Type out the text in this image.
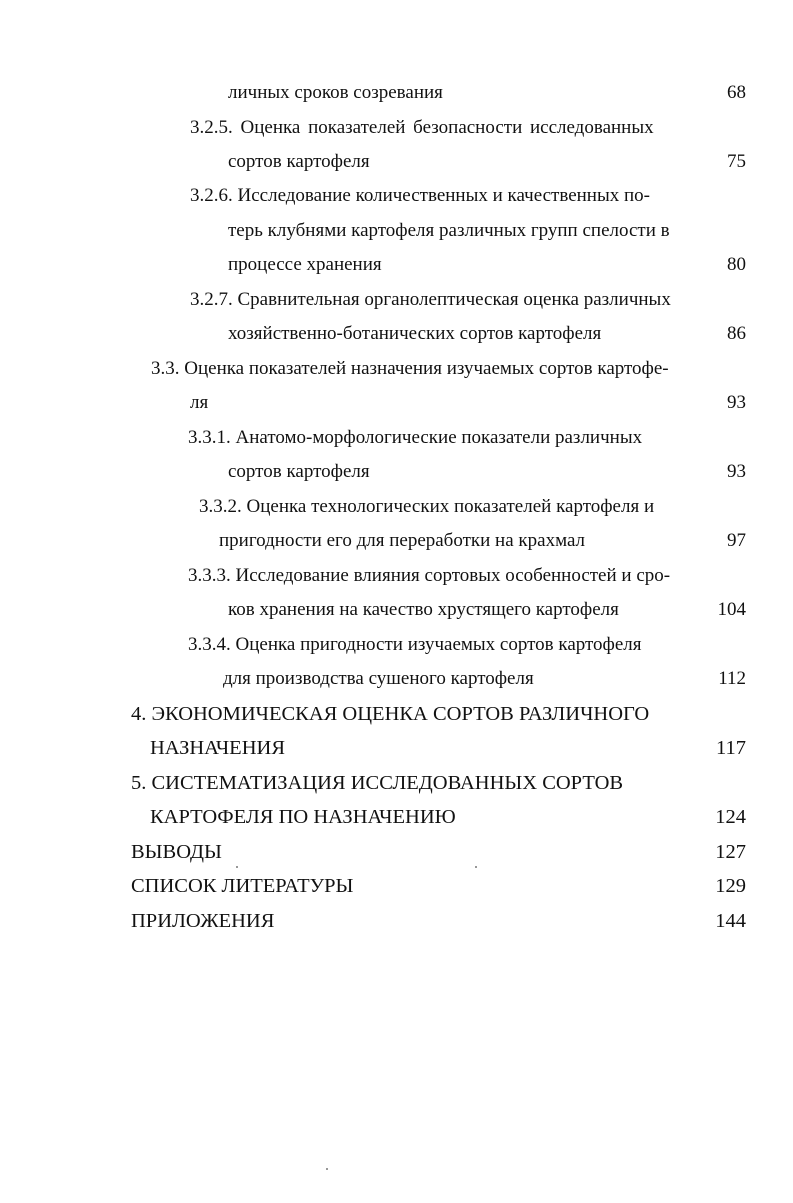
личных сроков созревания
3.2.5. Оценка показателей безопасности исследованных
сортов картофеля
3.2.6. Исследование количественных и качественных по-
терь клубнями картофеля различных групп спелости в
процессе хранения
3.2.7. Сравнительная органолептическая оценка различных
хозяйственно-ботанических сортов картофеля
3.3. Оценка показателей назначения изучаемых сортов картофе-
ля
3.3.1. Анатомо-морфологические показатели различных
сортов картофеля
3.3.2. Оценка технологических показателей картофеля и
пригодности его для переработки на крахмал
3.3.3. Исследование влияния сортовых особенностей и сро-
ков хранения на качество хрустящего картофеля
3.3.4. Оценка пригодности изучаемых сортов картофеля
для производства сушеного картофеля
4. ЭКОНОМИЧЕСКАЯ ОЦЕНКА СОРТОВ РАЗЛИЧНОГО
НАЗНАЧЕНИЯ
5. СИСТЕМАТИЗАЦИЯ ИССЛЕДОВАННЫХ СОРТОВ
КАРТОФЕЛЯ ПО НАЗНАЧЕНИЮ
ВЫВОДЫ
СПИСОК ЛИТЕРАТУРЫ
ПРИЛОЖЕНИЯ
68
75
80
86
93
93
97
104
112
117
124
127
129
144
